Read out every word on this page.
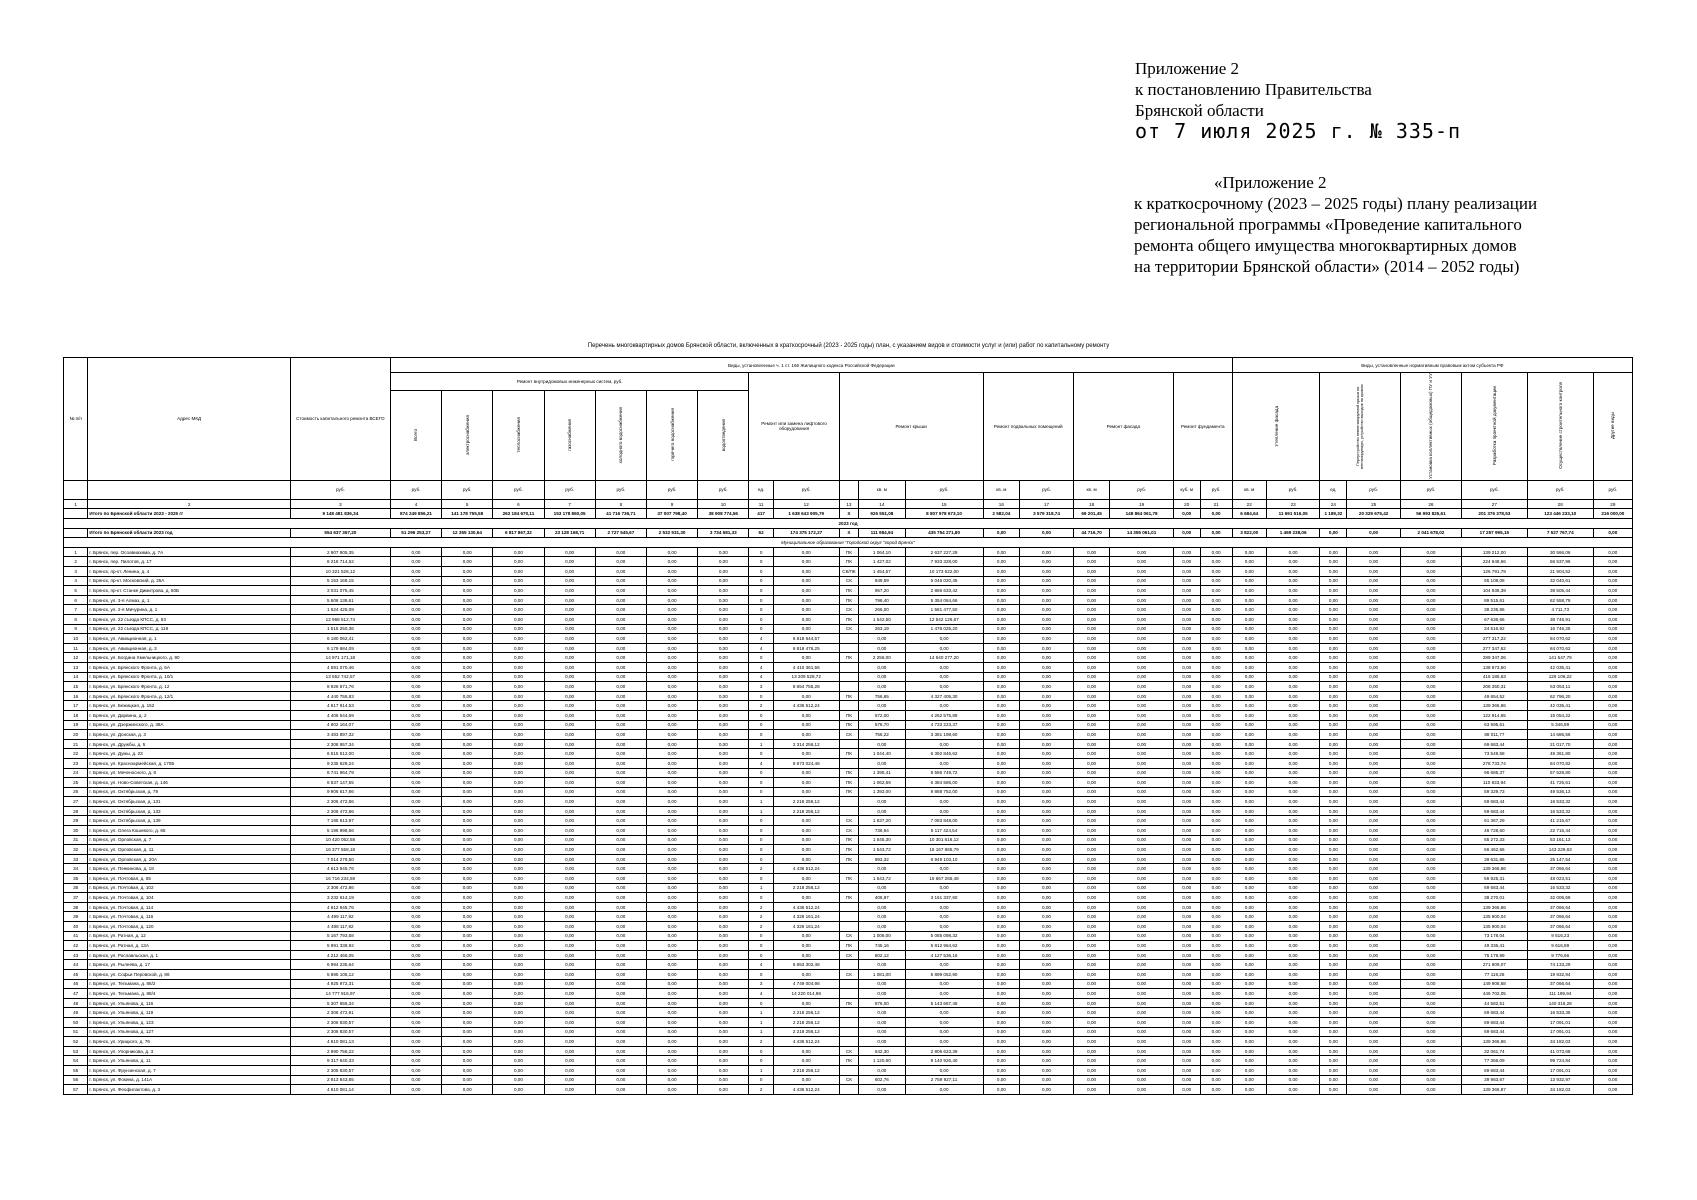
Приложение 2
к постановлению Правительства
Брянской области
от 7 июля 2025 г. № 335-п
«Приложение 2
к краткосрочному (2023 – 2025 годы) плану реализации
региональной программы «Проведение капитального
ремонта общего имущества многоквартирных домов
на территории Брянской области» (2014 – 2052 годы)
Перечень многоквартирных домов Брянской области, включенных в краткосрочный (2023 - 2025 годы) план, с указанием видов и стоимости услуг и (или) работ по капитальному ремонту
№ п/п	Адрес МКД	Стоимость капитального ремонта ВСЕГО	Виды, установленные ч. 1 ст. 166 Жилищного кодекса Российской Федерации																		Виды, установленные нормативным правовым актом субъекта РФ							
			Ремонт внутридомовых инженерных систем, руб.							Ремонт или замена лифтового оборудования		Ремонт крыши			Ремонт подвальных помещений		Ремонт фасада		Ремонт фундамента		Утепление фасада		Переустройство невентилируемой крыши на вентилируемую, устройство выходов на кровлю		Установка коллективных (общедомовых) ПУ и УУ	Разработка проектной документации	Осуществление строительного контроля	Другие виды
			Всего	электроснабжения	теплоснабжения	газоснабжения	холодного водоснабжения	горячего водоснабжения	водоотведения																			
		руб.	руб.	руб.	руб.	руб.	руб.	руб.	руб.	ед.	руб.		кв. м	руб.	кв. м	руб.	кв. м	руб.	куб. м	руб.	кв. м	руб.	ед.	руб.	руб.	руб.	руб.	руб.
1	2	3	4	5	6	7	8	9	10	11	12	13	14	15	16	17	18	19	20	21	22	23	24	25	26	27	28	29
	Итого по Брянской области 2023 - 2025 гг	9 148 481 836,34	874 249 856,21	141 178 755,58	262 184 670,11	153 178 860,05	41 716 736,71	37 007 798,40	38 908 774,56	417	1 638 643 905,79	Х	926 551,08	8 807 978 673,10	2 582,04	3 579 318,74	69 201,45	148 864 061,78	0,00	0,00	6 684,64	11 691 516,05	1 189,32	20 329 675,42	56 993 825,61	201 376 378,53	123 446 233,10	216 000,00
2023 год																												
	Итого по Брянской области 2023 год	554 637 367,20	51 296 253,27	12 355 130,64	6 817 867,32	23 128 168,71	2 727 545,67	2 532 931,30	3 734 581,33	62	174 375 172,27	Х	111 984,94	435 754 271,80	0,00	0,00	44 716,70	14 355 061,01	0,00	0,00	3 822,00	1 469 238,06	0,00	0,00	2 041 678,02	17 257 995,15	7 527 767,74	0,00
Муниципальное образование "Городской округ "город Брянск"																												
1	г. Брянск, пер. Осоавиахима, д. 7А	2 907 905,35	0,00	0,00	0,00	0,00	0,00	0,00	0,00	0	0,00	ПК	1 064,10	2 637 227,29	0,00	0,00	0,00	0,00	0,00	0,00	0,00	0,00	0,00	0,00	0,00	139 212,00	30 566,06	0,00
2	г. Брянск, пер. Пилотов, д. 17	8 218 714,62	0,00	0,00	0,00	0,00	0,00	0,00	0,00	0	0,00	ПК	1 427,02	7 933 328,00	0,00	0,00	0,00	0,00	0,00	0,00	0,00	0,00	0,00	0,00	0,00	224 648,66	56 537,96	0,00
3	г. Брянск, пр-кт. Ленина, д. 4	10 321 526,12	0,00	0,00	0,00	0,00	0,00	0,00	0,00	0	0,00	СК/ПК	1 454,57	10 173 622,00	0,00	0,00	0,00	0,00	0,00	0,00	0,00	0,00	0,00	0,00	0,00	126 791,79	21 904,52	0,00
4	г. Брянск, пр-кт. Московский, д. 25А	5 153 169,15	0,00	0,00	0,00	0,00	0,00	0,00	0,00	0	0,00	СК	849,59	5 046 020,45	0,00	0,00	0,00	0,00	0,00	0,00	0,00	0,00	0,00	0,00	0,00	65 108,08	32 040,61	0,00
5	г. Брянск, пр-кт. Станке Димитрова, д. 50Б	3 031 075,45	0,00	0,00	0,00	0,00	0,00	0,00	0,00	0	0,00	ПК	957,20	2 886 633,42	0,00	0,00	0,00	0,00	0,00	0,00	0,00	0,00	0,00	0,00	0,00	104 936,39	39 505,44	0,00
6	г. Брянск, ул. 3-я Алмаз, д. 1	5 506 138,61	0,00	0,00	0,00	0,00	0,00	0,00	0,00	0	0,00	ПК	798,40	5 354 064,66	0,00	0,00	0,00	0,00	0,00	0,00	0,00	0,00	0,00	0,00	0,00	89 515,61	62 558,79	0,00
7	г. Брянск, ул. 2-я Мичурина, д. 1	1 624 425,09	0,00	0,00	0,00	0,00	0,00	0,00	0,00	0	0,00	СК	266,00	1 581 477,50	0,00	0,00	0,00	0,00	0,00	0,00	0,00	0,00	0,00	0,00	0,00	38 235,86	4 711,73	0,00
8	г. Брянск, ул. 22 съезда КПСС, д. 53	12 968 512,74	0,00	0,00	0,00	0,00	0,00	0,00	0,00	0	0,00	ПК	1 542,50	12 542 126,67	0,00	0,00	0,00	0,00	0,00	0,00	0,00	0,00	0,00	0,00	0,00	67 636,66	38 746,91	0,00
9	г. Брянск, ул. 22 съезда КПСС, д. 119	1 515 250,36	0,00	0,00	0,00	0,00	0,00	0,00	0,00	0	0,00	СК	263,19	1 476 025,20	0,00	0,00	0,00	0,00	0,00	0,00	0,00	0,00	0,00	0,00	0,00	24 516,92	16 746,25	0,00
10	г. Брянск, ул. Авиационная, д. 1	6 180 062,41	0,00	0,00	0,00	0,00	0,00	0,00	0,00	4	6 818 644,57		0,00	0,00	0,00	0,00	0,00	0,00	0,00	0,00	0,00	0,00	0,00	0,00	0,00	277 317,22	84 070,62	0,00
11	г. Брянск, ул. Авиационная, д. 3	6 179 684,09	0,00	0,00	0,00	0,00	0,00	0,00	0,00	4	6 818 476,25		0,00	0,00	0,00	0,00	0,00	0,00	0,00	0,00	0,00	0,00	0,00	0,00	0,00	277 347,62	84 070,62	0,00
12	г. Брянск, ул. Богдана Хмельницкого, д. 90	14 971 171,18	0,00	0,00	0,00	0,00	0,00	0,00	0,00	0	0,00	ПК	2 256,00	14 540 277,20	0,00	0,00	0,00	0,00	0,00	0,00	0,00	0,00	0,00	0,00	0,00	289 347,06	141 547,79	0,00
13	г. Брянск, ул. Брянского Фронта, д. 6А	4 591 070,46	0,00	0,00	0,00	0,00	0,00	0,00	0,00	4	4 410 361,56		0,00	0,00	0,00	0,00	0,00	0,00	0,00	0,00	0,00	0,00	0,00	0,00	0,00	138 673,50	42 035,41	0,00
14	г. Брянск, ул. Брянского Фронта, д. 10/1	13 552 742,57	0,00	0,00	0,00	0,00	0,00	0,00	0,00	4	13 209 528,72		0,00	0,00	0,00	0,00	0,00	0,00	0,00	0,00	0,00	0,00	0,00	0,00	0,00	416 185,63	126 106,22	0,00
15	г. Брянск, ул. Брянского Фронта, д. 12	8 926 671,76	0,00	0,00	0,00	0,00	0,00	0,00	0,00	3	8 654 755,28		0,00	0,00	0,00	0,00	0,00	0,00	0,00	0,00	0,00	0,00	0,00	0,00	0,00	208 350,31	63 053,11	0,00
16	г. Брянск, ул. Брянского Фронта, д. 12/1	4 440 755,83	0,00	0,00	0,00	0,00	0,00	0,00	0,00	0	0,00	ПК	756,65	4 327 405,30	0,00	0,00	0,00	0,00	0,00	0,00	0,00	0,00	0,00	0,00	0,00	49 654,52	62 796,20	0,00
17	г. Брянск, ул. Бежицкая, д. 152	4 617 914,53	0,00	0,00	0,00	0,00	0,00	0,00	0,00	2	4 436 512,24		0,00	0,00	0,00	0,00	0,00	0,00	0,00	0,00	0,00	0,00	0,00	0,00	0,00	139 366,86	42 035,41	0,00
18	г. Брянск, ул. Дарвина, д. 2	4 406 544,69	0,00	0,00	0,00	0,00	0,00	0,00	0,00	0	0,00	ПК	672,00	4 262 575,89	0,00	0,00	0,00	0,00	0,00	0,00	0,00	0,00	0,00	0,00	0,00	122 914,65	15 054,22	0,00
19	г. Брянск, ул. Дзержинского, д. 38А	4 802 164,07	0,00	0,00	0,00	0,00	0,00	0,00	0,00	0	0,00	ПК	578,70	4 733 223,37	0,00	0,00	0,00	0,00	0,00	0,00	0,00	0,00	0,00	0,00	0,00	63 595,61	5 346,89	0,00
20	г. Брянск, ул. Донская, д. 3	3 483 897,32	0,00	0,00	0,00	0,00	0,00	0,00	0,00	0	0,00	СК	756,22	3 381 198,60	0,00	0,00	0,00	0,00	0,00	0,00	0,00	0,00	0,00	0,00	0,00	88 011,77	14 686,56	0,00
21	г. Брянск, ул. Дружбы, д. 5	2 308 957,34	0,00	0,00	0,00	0,00	0,00	0,00	0,00	1	2 314 256,12		0,00	0,00	0,00	0,00	0,00	0,00	0,00	0,00	0,00	0,00	0,00	0,00	0,00	69 683,44	21 017,70	0,00
22	г. Брянск, ул. Думы, д. 23	6 515 512,00	0,00	0,00	0,00	0,00	0,00	0,00	0,00	0	0,00	ПК	1 044,40	6 392 846,62	0,00	0,00	0,00	0,00	0,00	0,00	0,00	0,00	0,00	0,00	0,00	73 549,58	49 361,80	0,00
23	г. Брянск, ул. Красноармейская, д. 170Б	9 235 629,24	0,00	0,00	0,00	0,00	0,00	0,00	0,00	4	8 673 024,48		0,00	0,00	0,00	0,00	0,00	0,00	0,00	0,00	0,00	0,00	0,00	0,00	0,00	278 733,74	84 070,82	0,00
24	г. Брянск, ул. Меченосного, д. 8	8 741 964,79	0,00	0,00	0,00	0,00	0,00	0,00	0,00	0	0,00	ПК	1 395,41	8 586 749,72	0,00	0,00	0,00	0,00	0,00	0,00	0,00	0,00	0,00	0,00	0,00	96 685,37	57 528,80	0,00
25	г. Брянск, ул. Ново-Советская, д. 146	6 537 147,55	0,00	0,00	0,00	0,00	0,00	0,00	0,00	0	0,00	ПК	1 062,69	6 384 586,00	0,00	0,00	0,00	0,00	0,00	0,00	0,00	0,00	0,00	0,00	0,00	110 833,94	41 726,61	0,00
26	г. Брянск, ул. Октябрьская, д. 79	9 906 617,86	0,00	0,00	0,00	0,00	0,00	0,00	0,00	0	0,00	ПК	1 392,00	9 888 752,00	0,00	0,00	0,00	0,00	0,00	0,00	0,00	0,00	0,00	0,00	0,00	59 329,73	49 536,13	0,00
27	г. Брянск, ул. Октябрьская, д. 131	2 306 472,86	0,00	0,00	0,00	0,00	0,00	0,00	0,00	1	2 218 256,12		0,00	0,00	0,00	0,00	0,00	0,00	0,00	0,00	0,00	0,00	0,00	0,00	0,00	69 683,44	16 533,32	0,00
28	г. Брянск, ул. Октябрьская, д. 133	2 306 472,86	0,00	0,00	0,00	0,00	0,00	0,00	0,00	1	2 218 256,12		0,00	0,00	0,00	0,00	0,00	0,00	0,00	0,00	0,00	0,00	0,00	0,00	0,00	69 683,44	16 533,32	0,00
29	г. Брянск, ул. Октябрьская, д. 139	7 195 613,97	0,00	0,00	0,00	0,00	0,00	0,00	0,00	0	0,00	СК	1 637,20	7 083 848,00	0,00	0,00	0,00	0,00	0,00	0,00	0,00	0,00	0,00	0,00	0,00	61 367,29	41 215,67	0,00
30	г. Брянск, ул. Олега Кошевого, д. 65	5 196 998,56	0,00	0,00	0,00	0,00	0,00	0,00	0,00	0	0,00	СК	736,94	5 117 424,54	0,00	0,00	0,00	0,00	0,00	0,00	0,00	0,00	0,00	0,00	0,00	46 728,60	22 715,44	0,00
31	г. Брянск, ул. Орловская, д. 7	10 420 052,58	0,00	0,00	0,00	0,00	0,00	0,00	0,00	0	0,00	ПК	1 545,30	10 301 616,12	0,00	0,00	0,00	0,00	0,00	0,00	0,00	0,00	0,00	0,00	0,00	65 272,33	53 161,13	0,00
32	г. Брянск, ул. Орловская, д. 11	16 377 558,18	0,00	0,00	0,00	0,00	0,00	0,00	0,00	0	0,00	ПК	1 543,72	16 167 865,79	0,00	0,00	0,00	0,00	0,00	0,00	0,00	0,00	0,00	0,00	0,00	66 462,66	143 229,63	0,00
33	г. Брянск, ул. Орловская, д. 20А	7 014 279,50	0,00	0,00	0,00	0,00	0,00	0,00	0,00	0	0,00	ПК	993,32	6 949 103,10	0,00	0,00	0,00	0,00	0,00	0,00	0,00	0,00	0,00	0,00	0,00	39 631,86	25 147,54	0,00
34	г. Брянск, ул. Пенкинова, д. 18	4 613 945,76	0,00	0,00	0,00	0,00	0,00	0,00	0,00	2	4 436 512,24		0,00	0,00	0,00	0,00	0,00	0,00	0,00	0,00	0,00	0,00	0,00	0,00	0,00	139 366,86	37 066,64	0,00
35	г. Брянск, ул. Почтовая, д. 85	16 716 234,59	0,00	0,00	0,00	0,00	0,00	0,00	0,00	0	0,00	ПК	1 543,72	16 667 265,48	0,00	0,00	0,00	0,00	0,00	0,00	0,00	0,00	0,00	0,00	0,00	56 925,31	48 023,51	0,00
36	г. Брянск, ул. Почтовая, д. 102	2 306 472,86	0,00	0,00	0,00	0,00	0,00	0,00	0,00	1	2 218 256,12		0,00	0,00	0,00	0,00	0,00	0,00	0,00	0,00	0,00	0,00	0,00	0,00	0,00	69 683,44	16 533,32	0,00
37	г. Брянск, ул. Почтовая, д. 104	3 232 614,19	0,00	0,00	0,00	0,00	0,00	0,00	0,00	0	0,00	ПК	406,97	3 161 337,60	0,00	0,00	0,00	0,00	0,00	0,00	0,00	0,00	0,00	0,00	0,00	38 270,01	32 006,59	0,00
38	г. Брянск, ул. Почтовая, д. 114	4 612 945,76	0,00	0,00	0,00	0,00	0,00	0,00	0,00	2	4 436 512,24		0,00	0,00	0,00	0,00	0,00	0,00	0,00	0,00	0,00	0,00	0,00	0,00	0,00	139 366,86	37 066,64	0,00
39	г. Брянск, ул. Почтовая, д. 116	4 499 117,92	0,00	0,00	0,00	0,00	0,00	0,00	0,00	2	4 326 161,24		0,00	0,00	0,00	0,00	0,00	0,00	0,00	0,00	0,00	0,00	0,00	0,00	0,00	135 900,04	37 066,64	0,00
40	г. Брянск, ул. Почтовая, д. 120	4 488 117,92	0,00	0,00	0,00	0,00	0,00	0,00	0,00	2	4 326 161,24		0,00	0,00	0,00	0,00	0,00	0,00	0,00	0,00	0,00	0,00	0,00	0,00	0,00	135 900,04	37 066,64	0,00
41	г. Брянск, ул. Ратная, д. 12	5 167 793,58	0,00	0,00	0,00	0,00	0,00	0,00	0,00	0	0,00	СК	1 006,00	5 085 098,32	0,00	0,00	0,00	0,00	0,00	0,00	0,00	0,00	0,00	0,00	0,00	73 178,04	9 516,23	0,00
42	г. Брянск, ул. Ратная, д. 13А	5 991 338,92	0,00	0,00	0,00	0,00	0,00	0,00	0,00	0	0,00	ПК	745,16	5 812 964,62	0,00	0,00	0,00	0,00	0,00	0,00	0,00	0,00	0,00	0,00	0,00	49 336,41	9 616,89	0,00
43	г. Брянск, ул. Рославльская, д. 1	4 212 466,05	0,00	0,00	0,00	0,00	0,00	0,00	0,00	0	0,00	СК	802,12	4 127 536,16	0,00	0,00	0,00	0,00	0,00	0,00	0,00	0,00	0,00	0,00	0,00	75 179,99	9 776,66	0,00
44	г. Брянск, ул. Рылеева, д. 17	6 994 235,64	0,00	0,00	0,00	0,00	0,00	0,00	0,00	4	6 653 302,48		0,00	0,00	0,00	0,00	0,00	0,00	0,00	0,00	0,00	0,00	0,00	0,00	0,00	271 909,07	74 133,29	0,00
45	г. Брянск, ул. Софьи Перовской, д. 86	5 895 105,12	0,00	0,00	0,00	0,00	0,00	0,00	0,00	0	0,00	СК	1 081,00	5 899 052,90	0,00	0,00	0,00	0,00	0,00	0,00	0,00	0,00	0,00	0,00	0,00	77 119,28	19 932,94	0,00
46	г. Брянск, ул. Тельмана, д. 86/2	4 925 972,31	0,00	0,00	0,00	0,00	0,00	0,00	0,00	3	4 749 004,98		0,00	0,00	0,00	0,00	0,00	0,00	0,00	0,00	0,00	0,00	0,00	0,00	0,00	149 908,68	37 066,64	0,00
47	г. Брянск, ул. Тельмана, д. 88/4	14 777 916,97	0,00	0,00	0,00	0,00	0,00	0,00	0,00	4	14 220 014,98		0,00	0,00	0,00	0,00	0,00	0,00	0,00	0,00	0,00	0,00	0,00	0,00	0,00	446 702,05	111 199,94	0,00
48	г. Брянск, ул. Ульянова, д. 116	5 307 656,34	0,00	0,00	0,00	0,00	0,00	0,00	0,00	0	0,00	ПК	876,00	5 143 667,48	0,00	0,00	0,00	0,00	0,00	0,00	0,00	0,00	0,00	0,00	0,00	44 582,51	140 316,28	0,00
49	г. Брянск, ул. Ульянова, д. 119	2 306 472,91	0,00	0,00	0,00	0,00	0,00	0,00	0,00	1	2 218 256,12		0,00	0,00	0,00	0,00	0,00	0,00	0,00	0,00	0,00	0,00	0,00	0,00	0,00	69 683,44	16 533,35	0,00
50	г. Брянск, ул. Ульянова, д. 123	2 306 830,57	0,00	0,00	0,00	0,00	0,00	0,00	0,00	1	2 218 256,12		0,00	0,00	0,00	0,00	0,00	0,00	0,00	0,00	0,00	0,00	0,00	0,00	0,00	69 683,44	17 091,01	0,00
51	г. Брянск, ул. Ульянова, д. 127	2 306 830,57	0,00	0,00	0,00	0,00	0,00	0,00	0,00	1	2 218 256,12		0,00	0,00	0,00	0,00	0,00	0,00	0,00	0,00	0,00	0,00	0,00	0,00	0,00	69 683,44	17 091,01	0,00
52	г. Брянск, ул. Урицкого, д. 76	4 610 081,13	0,00	0,00	0,00	0,00	0,00	0,00	0,00	2	4 436 512,24		0,00	0,00	0,00	0,00	0,00	0,00	0,00	0,00	0,00	0,00	0,00	0,00	0,00	139 366,86	34 182,03	0,00
53	г. Брянск, ул. Упорникова, д. 3	2 890 758,22	0,00	0,00	0,00	0,00	0,00	0,00	0,00	0	0,00	СК	542,30	2 806 623,39	0,00	0,00	0,00	0,00	0,00	0,00	0,00	0,00	0,00	0,00	0,00	32 061,74	41 073,68	0,00
54	г. Брянск, ул. Ульянова, д. 11	9 317 640,33	0,00	0,00	0,00	0,00	0,00	0,00	0,00	0	0,00	ПК	1 120,60	9 140 926,40	0,00	0,00	0,00	0,00	0,00	0,00	0,00	0,00	0,00	0,00	0,00	77 366,09	99 724,84	0,00
55	г. Брянск, ул. Фрунзенская, д. 7	2 305 830,57	0,00	0,00	0,00	0,00	0,00	0,00	0,00	1	2 218 256,12		0,00	0,00	0,00	0,00	0,00	0,00	0,00	0,00	0,00	0,00	0,00	0,00	0,00	69 683,44	17 091,01	0,00
56	г. Брянск, ул. Фокина, д. 141А	2 813 843,65	0,00	0,00	0,00	0,00	0,00	0,00	0,00	0	0,00	СК	602,76	2 759 927,11	0,00	0,00	0,00	0,00	0,00	0,00	0,00	0,00	0,00	0,00	0,00	39 983,67	13 932,97	0,00
57	г. Брянск, ул. Феофилактова, д. 3	4 610 081,14	0,00	0,00	0,00	0,00	0,00	0,00	0,00	2	4 436 512,24		0,00	0,00	0,00	0,00	0,00	0,00	0,00	0,00	0,00	0,00	0,00	0,00	0,00	139 366,87	34 182,03	0,00
